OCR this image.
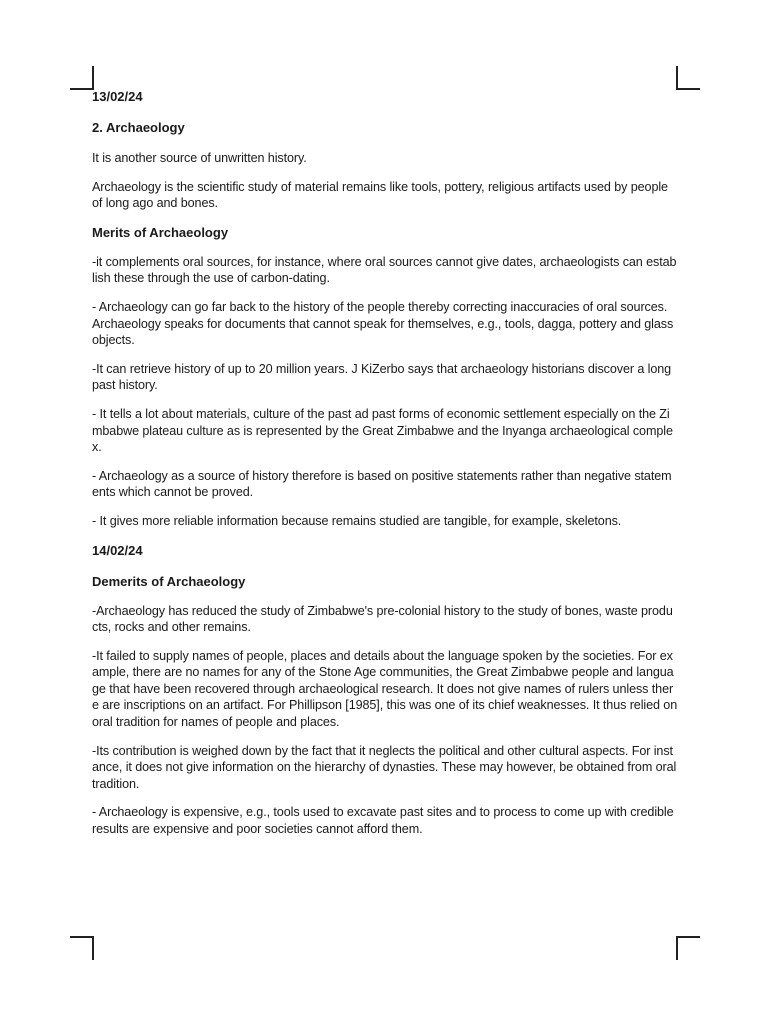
13/02/24

2. Archaeology

It is another source of unwritten history.

Archaeology is the scientific study of material remains like tools, pottery, religious artifacts used by people of long ago and bones.

Merits of Archaeology

-it complements oral sources, for instance, where oral sources cannot give dates, archaeologists can establish these through the use of carbon-dating.

- Archaeology can go far back to the history of the people thereby correcting inaccuracies of oral sources. Archaeology speaks for documents that cannot speak for themselves, e.g., tools, dagga, pottery and glass objects.

-It can retrieve history of up to 20 million years. J KiZerbo says that archaeology historians discover a long past history.

- It tells a lot about materials, culture of the past ad past forms of economic settlement especially on the Zimbabwe plateau culture as is represented by the Great Zimbabwe and the Inyanga archaeological complex.

- Archaeology as a source of history therefore is based on positive statements rather than negative statements which cannot be proved.

- It gives more reliable information because remains studied are tangible, for example, skeletons.

14/02/24

Demerits of Archaeology

-Archaeology has reduced the study of Zimbabwe's pre-colonial history to the study of bones, waste products, rocks and other remains.

-It failed to supply names of people, places and details about the language spoken by the societies. For example, there are no names for any of the Stone Age communities, the Great Zimbabwe people and language that have been recovered through archaeological research. It does not give names of rulers unless there are inscriptions on an artifact. For Phillipson [1985], this was one of its chief weaknesses. It thus relied on oral tradition for names of people and places.

-Its contribution is weighed down by the fact that it neglects the political and other cultural aspects. For instance, it does not give information on the hierarchy of dynasties. These may however, be obtained from oral tradition.

- Archaeology is expensive, e.g., tools used to excavate past sites and to process to come up with credible results are expensive and poor societies cannot afford them.
